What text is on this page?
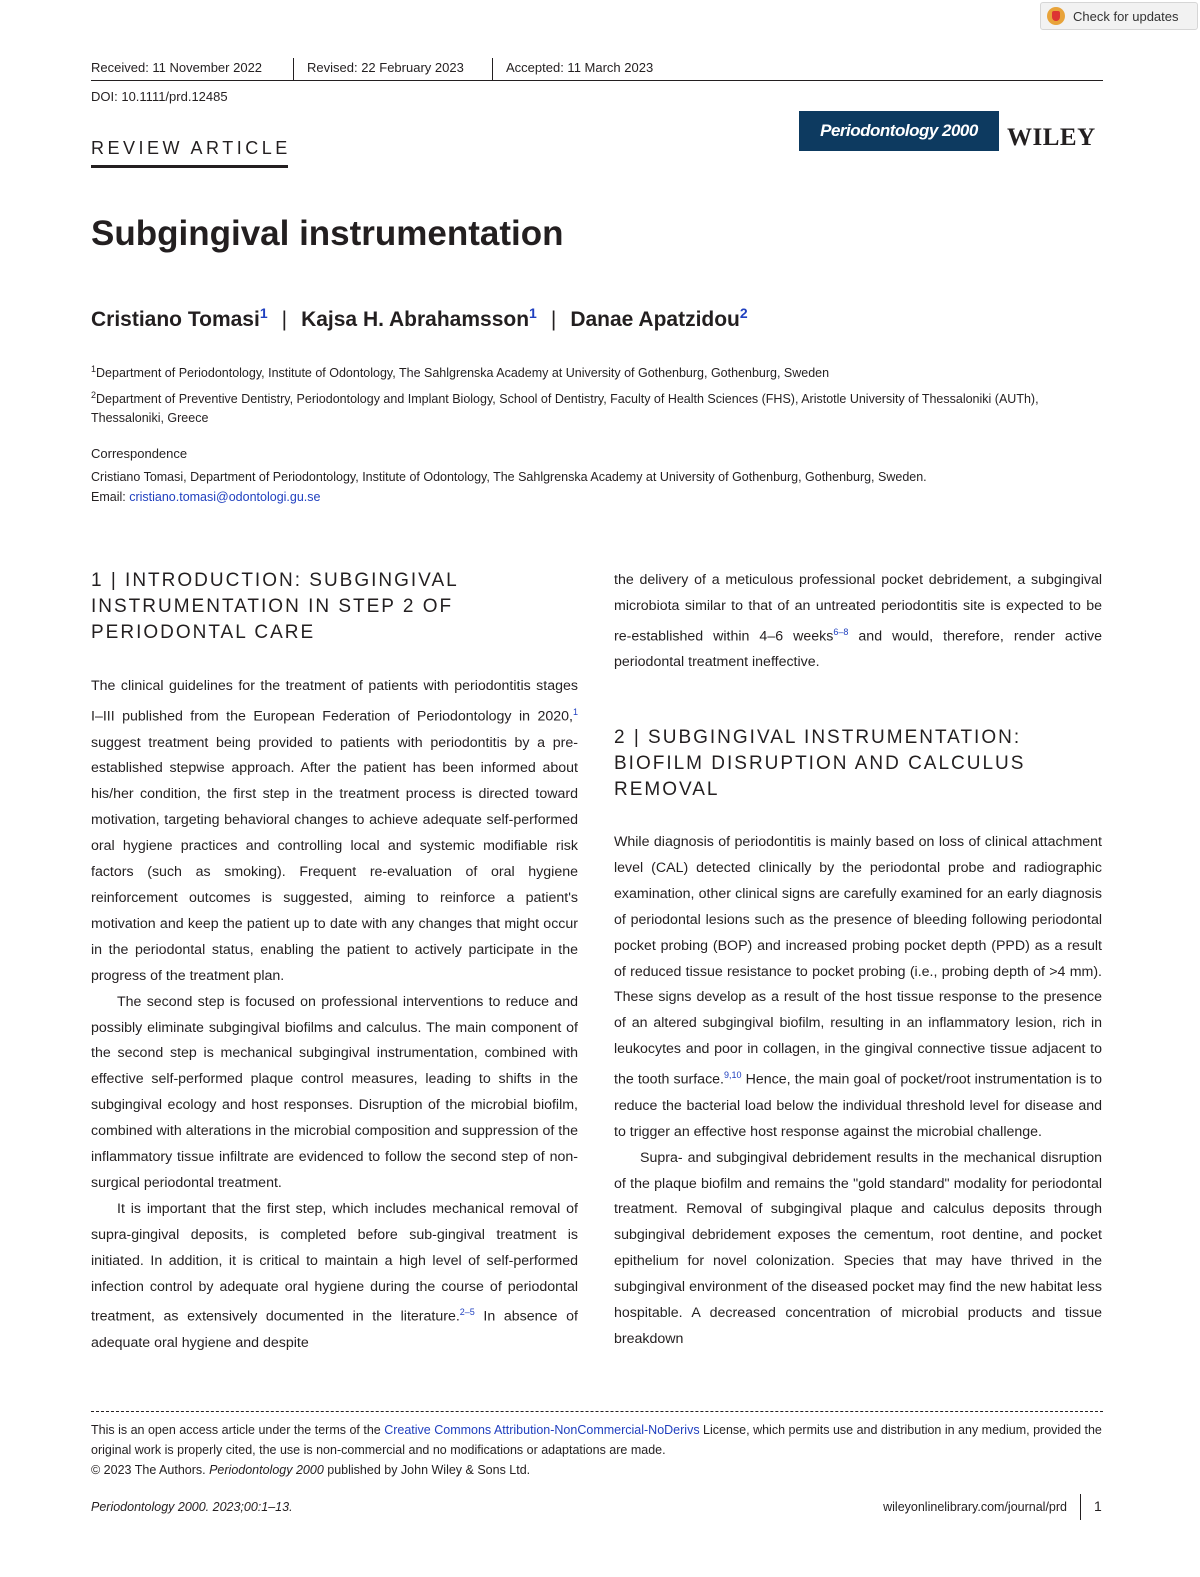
Check for updates
Received: 11 November 2022	Revised: 22 February 2023	Accepted: 11 March 2023
DOI: 10.1111/prd.12485
REVIEW ARTICLE
Periodontology 2000	WILEY
Subgingival instrumentation
Cristiano Tomasi$^1$ | Kajsa H. Abrahamsson$^1$ | Danae Apatzidou$^2$
$^1$Department of Periodontology, Institute of Odontology, The Sahlgrenska Academy at University of Gothenburg, Gothenburg, Sweden
$^2$Department of Preventive Dentistry, Periodontology and Implant Biology, School of Dentistry, Faculty of Health Sciences (FHS), Aristotle University of Thessaloniki (AUTh), Thessaloniki, Greece
Correspondence
Cristiano Tomasi, Department of Periodontology, Institute of Odontology, The Sahlgrenska Academy at University of Gothenburg, Gothenburg, Sweden.
Email: cristiano.tomasi@odontologi.gu.se
1 | INTRODUCTION: SUBGINGIVAL INSTRUMENTATION IN STEP 2 OF PERIODONTAL CARE

The clinical guidelines for the treatment of patients with periodontitis stages I–III published from the European Federation of Periodontology in 2020,$^1$ suggest treatment being provided to patients with periodontitis by a pre-established stepwise approach. After the patient has been informed about his/her condition, the first step in the treatment process is directed toward motivation, targeting behavioral changes to achieve adequate self-performed oral hygiene practices and controlling local and systemic modifiable risk factors (such as smoking). Frequent re-evaluation of oral hygiene reinforcement outcomes is suggested, aiming to reinforce a patient's motivation and keep the patient up to date with any changes that might occur in the periodontal status, enabling the patient to actively participate in the progress of the treatment plan.

The second step is focused on professional interventions to reduce and possibly eliminate subgingival biofilms and calculus. The main component of the second step is mechanical subgingival instrumentation, combined with effective self-performed plaque control measures, leading to shifts in the subgingival ecology and host responses. Disruption of the microbial biofilm, combined with alterations in the microbial composition and suppression of the inflammatory tissue infiltrate are evidenced to follow the second step of non-surgical periodontal treatment.

It is important that the first step, which includes mechanical removal of supra-gingival deposits, is completed before sub-gingival treatment is initiated. In addition, it is critical to maintain a high level of self-performed infection control by adequate oral hygiene during the course of periodontal treatment, as extensively documented in the literature.$^{2-5}$ In absence of adequate oral hygiene and despite

the delivery of a meticulous professional pocket debridement, a subgingival microbiota similar to that of an untreated periodontitis site is expected to be re-established within 4–6 weeks$^{6-8}$ and would, therefore, render active periodontal treatment ineffective.

2 | SUBGINGIVAL INSTRUMENTATION: BIOFILM DISRUPTION AND CALCULUS REMOVAL

While diagnosis of periodontitis is mainly based on loss of clinical attachment level (CAL) detected clinically by the periodontal probe and radiographic examination, other clinical signs are carefully examined for an early diagnosis of periodontal lesions such as the presence of bleeding following periodontal pocket probing (BOP) and increased probing pocket depth (PPD) as a result of reduced tissue resistance to pocket probing (i.e., probing depth of >4 mm). These signs develop as a result of the host tissue response to the presence of an altered subgingival biofilm, resulting in an inflammatory lesion, rich in leukocytes and poor in collagen, in the gingival connective tissue adjacent to the tooth surface.$^{9,10}$ Hence, the main goal of pocket/root instrumentation is to reduce the bacterial load below the individual threshold level for disease and to trigger an effective host response against the microbial challenge.

Supra- and subgingival debridement results in the mechanical disruption of the plaque biofilm and remains the "gold standard" modality for periodontal treatment. Removal of subgingival plaque and calculus deposits through subgingival debridement exposes the cementum, root dentine, and pocket epithelium for novel colonization. Species that may have thrived in the subgingival environment of the diseased pocket may find the new habitat less hospitable. A decreased concentration of microbial products and tissue breakdown

This is an open access article under the terms of the Creative Commons Attribution-NonCommercial-NoDerivs License, which permits use and distribution in any medium, provided the original work is properly cited, the use is non-commercial and no modifications or adaptations are made.
© 2023 The Authors. Periodontology 2000 published by John Wiley & Sons Ltd.
Periodontology 2000. 2023;00:1–13.	wileyonlinelibrary.com/journal/prd 1
